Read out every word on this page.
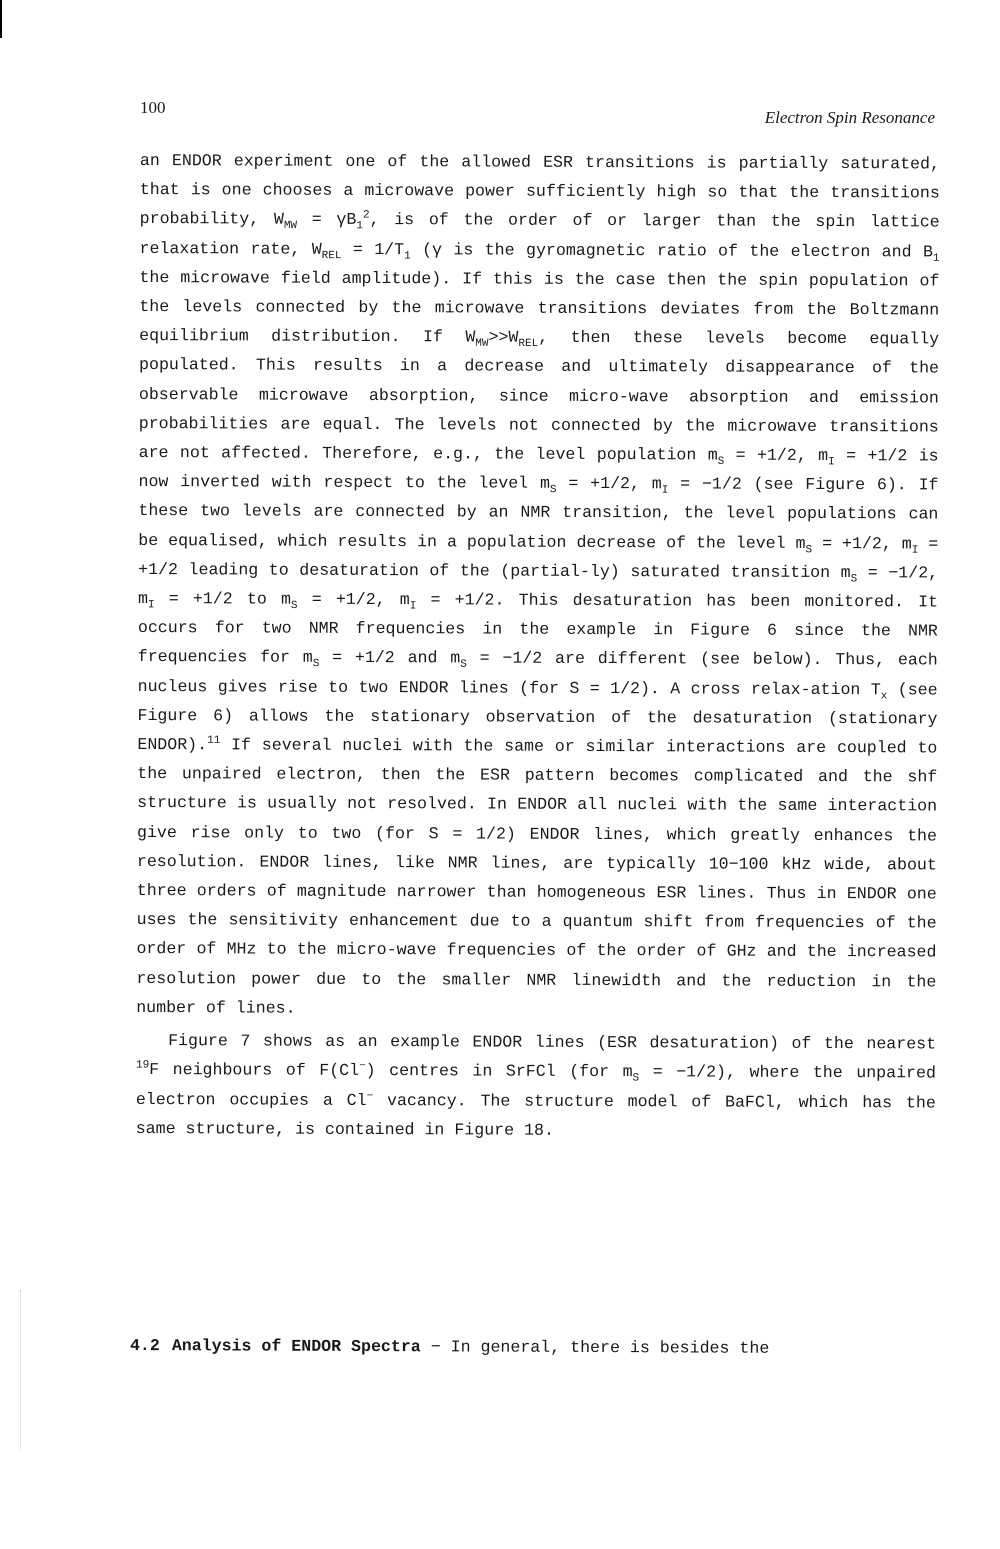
100
Electron Spin Resonance

an ENDOR experiment one of the allowed ESR transitions is partially saturated, that is one chooses a microwave power sufficiently high so that the transitions probability, $W_{MW} = \gamma B_1^2$, is of the order of or larger than the spin lattice relaxation rate, $W_{REL} = 1/T_1$ (γ is the gyromagnetic ratio of the electron and $B_1$ the microwave field amplitude). If this is the case then the spin population of the levels connected by the microwave transitions deviates from the Boltzmann equilibrium distribution. If $W_{MW}>>W_{REL}$, then these levels become equally populated. This results in a decrease and ultimately disappearance of the observable microwave absorption, since micro-wave absorption and emission probabilities are equal. The levels not connected by the microwave transitions are not affected. Therefore, e.g., the level population $m_S = +1/2$, $m_I = +1/2$ is now inverted with respect to the level $m_S = +1/2$, $m_I = -1/2$ (see Figure 6). If these two levels are connected by an NMR transition, the level populations can be equalised, which results in a population decrease of the level $m_S = +1/2$, $m_I = +1/2$ leading to desaturation of the (partial-ly) saturated transition $m_S = -1/2$, $m_I = +1/2$ to $m_S = +1/2$, $m_I = +1/2$. This desaturation has been monitored. It occurs for two NMR frequencies in the example in Figure 6 since the NMR frequencies for $m_S = +1/2$ and $m_S = -1/2$ are different (see below). Thus, each nucleus gives rise to two ENDOR lines (for S = 1/2). A cross relax-ation $T_x$ (see Figure 6) allows the stationary observation of the desaturation (stationary ENDOR).$^{11}$ If several nuclei with the same or similar interactions are coupled to the unpaired electron, then the ESR pattern becomes complicated and the shf structure is usually not resolved. In ENDOR all nuclei with the same interaction give rise only to two (for S = 1/2) ENDOR lines, which greatly enhances the resolution. ENDOR lines, like NMR lines, are typically 10−100 kHz wide, about three orders of magnitude narrower than homogeneous ESR lines. Thus in ENDOR one uses the sensitivity enhancement due to a quantum shift from frequencies of the order of MHz to the micro-wave frequencies of the order of GHz and the increased resolution power due to the smaller NMR linewidth and the reduction in the number of lines.

Figure 7 shows as an example ENDOR lines (ESR desaturation) of the nearest $^{19}$F neighbours of F(Cl−) centres in SrFCl (for $m_S = -1/2$), where the unpaired electron occupies a Cl− vacancy. The structure model of BaFCl, which has the same structure, is contained in Figure 18.

4.2 Analysis of ENDOR Spectra − In general, there is besides the
